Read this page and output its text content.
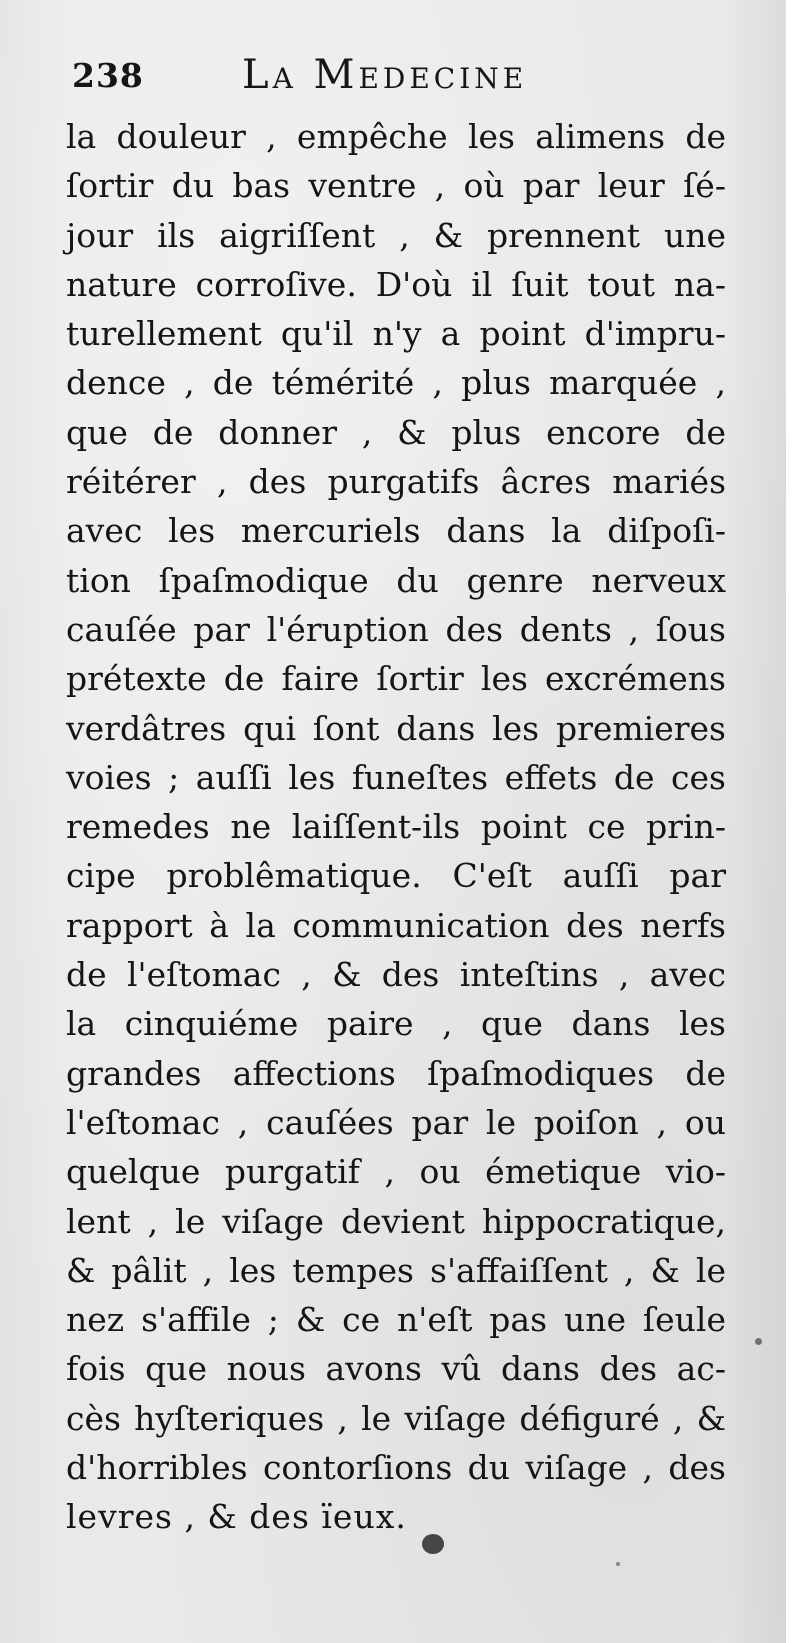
238 La Medecine
la douleur , empêche les alimens de
ſortir du bas ventre , où par leur ſé-
jour ils aigriſſent , & prennent une
nature corroſive. D'où il ſuit tout na-
turellement qu'il n'y a point d'impru-
dence , de témérité , plus marquée ,
que de donner , & plus encore de
réitérer , des purgatifs âcres mariés
avec les mercuriels dans la diſpoſi-
tion ſpaſmodique du genre nerveux
cauſée par l'éruption des dents , ſous
prétexte de faire ſortir les excrémens
verdâtres qui ſont dans les premieres
voies ; auſſi les funeſtes effets de ces
remedes ne laiſſent-ils point ce prin-
cipe problêmatique. C'eſt auſſi par
rapport à la communication des nerfs
de l'eſtomac , & des inteſtins , avec
la cinquiéme paire , que dans les
grandes affections ſpaſmodiques de
l'eſtomac , cauſées par le poiſon , ou
quelque purgatif , ou émetique vio-
lent , le viſage devient hippocratique,
& pâlit , les tempes s'affaiſſent , & le
nez s'affile ; & ce n'eſt pas une ſeule
fois que nous avons vû dans des ac-
cès hyſteriques , le viſage défiguré , &
d'horribles contorſions du viſage , des
levres , & des ïeux.
